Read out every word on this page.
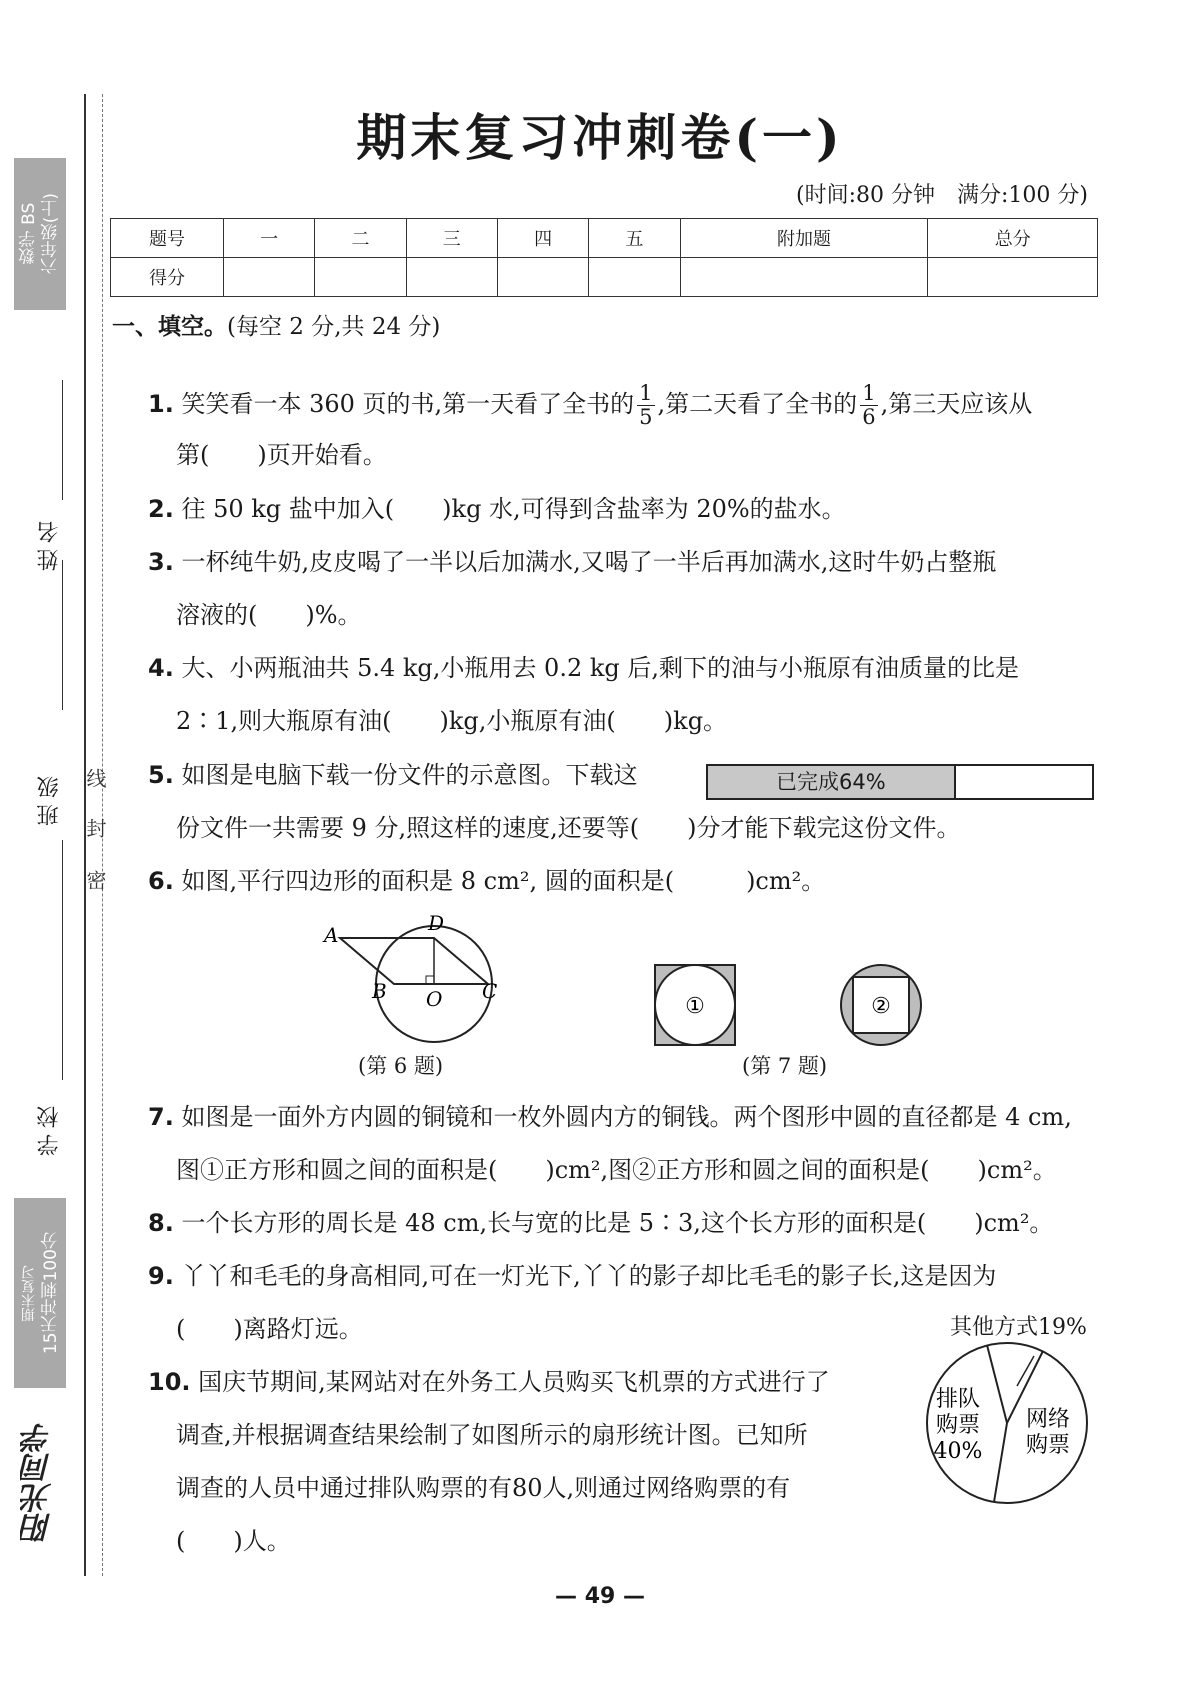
数学 BS 六年级(上)
姓名
班级
学校
线
封
密
期末复习 15天冲刺100分
阳光同学
期末复习冲刺卷(一)
(时间:80 分钟　满分:100 分)
题号	一	二	三	四	五	附加题	总分
得分							
一、填空。(每空 2 分,共 24 分)
1. 笑笑看一本 360 页的书,第一天看了全书的 $\frac{1}{5}$ ,第二天看了全书的 $\frac{1}{6}$ ,第三天应该从
第(　　)页开始看。
2. 往 50 kg 盐中加入(　　)kg 水,可得到含盐率为 20%的盐水。
3. 一杯纯牛奶,皮皮喝了一半以后加满水,又喝了一半后再加满水,这时牛奶占整瓶
溶液的(　　)%。
4. 大、小两瓶油共 5.4 kg,小瓶用去 0.2 kg 后,剩下的油与小瓶原有油质量的比是
2∶1,则大瓶原有油(　　)kg,小瓶原有油(　　)kg。
5. 如图是电脑下载一份文件的示意图。下载这	已完成64%
份文件一共需要 9 分,照这样的速度,还要等(　　)分才能下载完这份文件。
6. 如图,平行四边形的面积是 8 cm², 圆的面积是(　　　)cm²。
A	D
B	C
O
(第 6 题)
①	②
(第 7 题)
7. 如图是一面外方内圆的铜镜和一枚外圆内方的铜钱。两个图形中圆的直径都是 4 cm,
图①正方形和圆之间的面积是(　　)cm²,图②正方形和圆之间的面积是(　　)cm²。
8. 一个长方形的周长是 48 cm,长与宽的比是 5∶3,这个长方形的面积是(　　)cm²。
9. 丫丫和毛毛的身高相同,可在一灯光下,丫丫的影子却比毛毛的影子长,这是因为
(　　)离路灯远。
10. 国庆节期间,某网站对在外务工人员购买飞机票的方式进行了
调查,并根据调查结果绘制了如图所示的扇形统计图。已知所
调查的人员中通过排队购票的有80人,则通过网络购票的有
(　　)人。
其他方式19%
排队
购票
40%
网络
购票
— 49 —
